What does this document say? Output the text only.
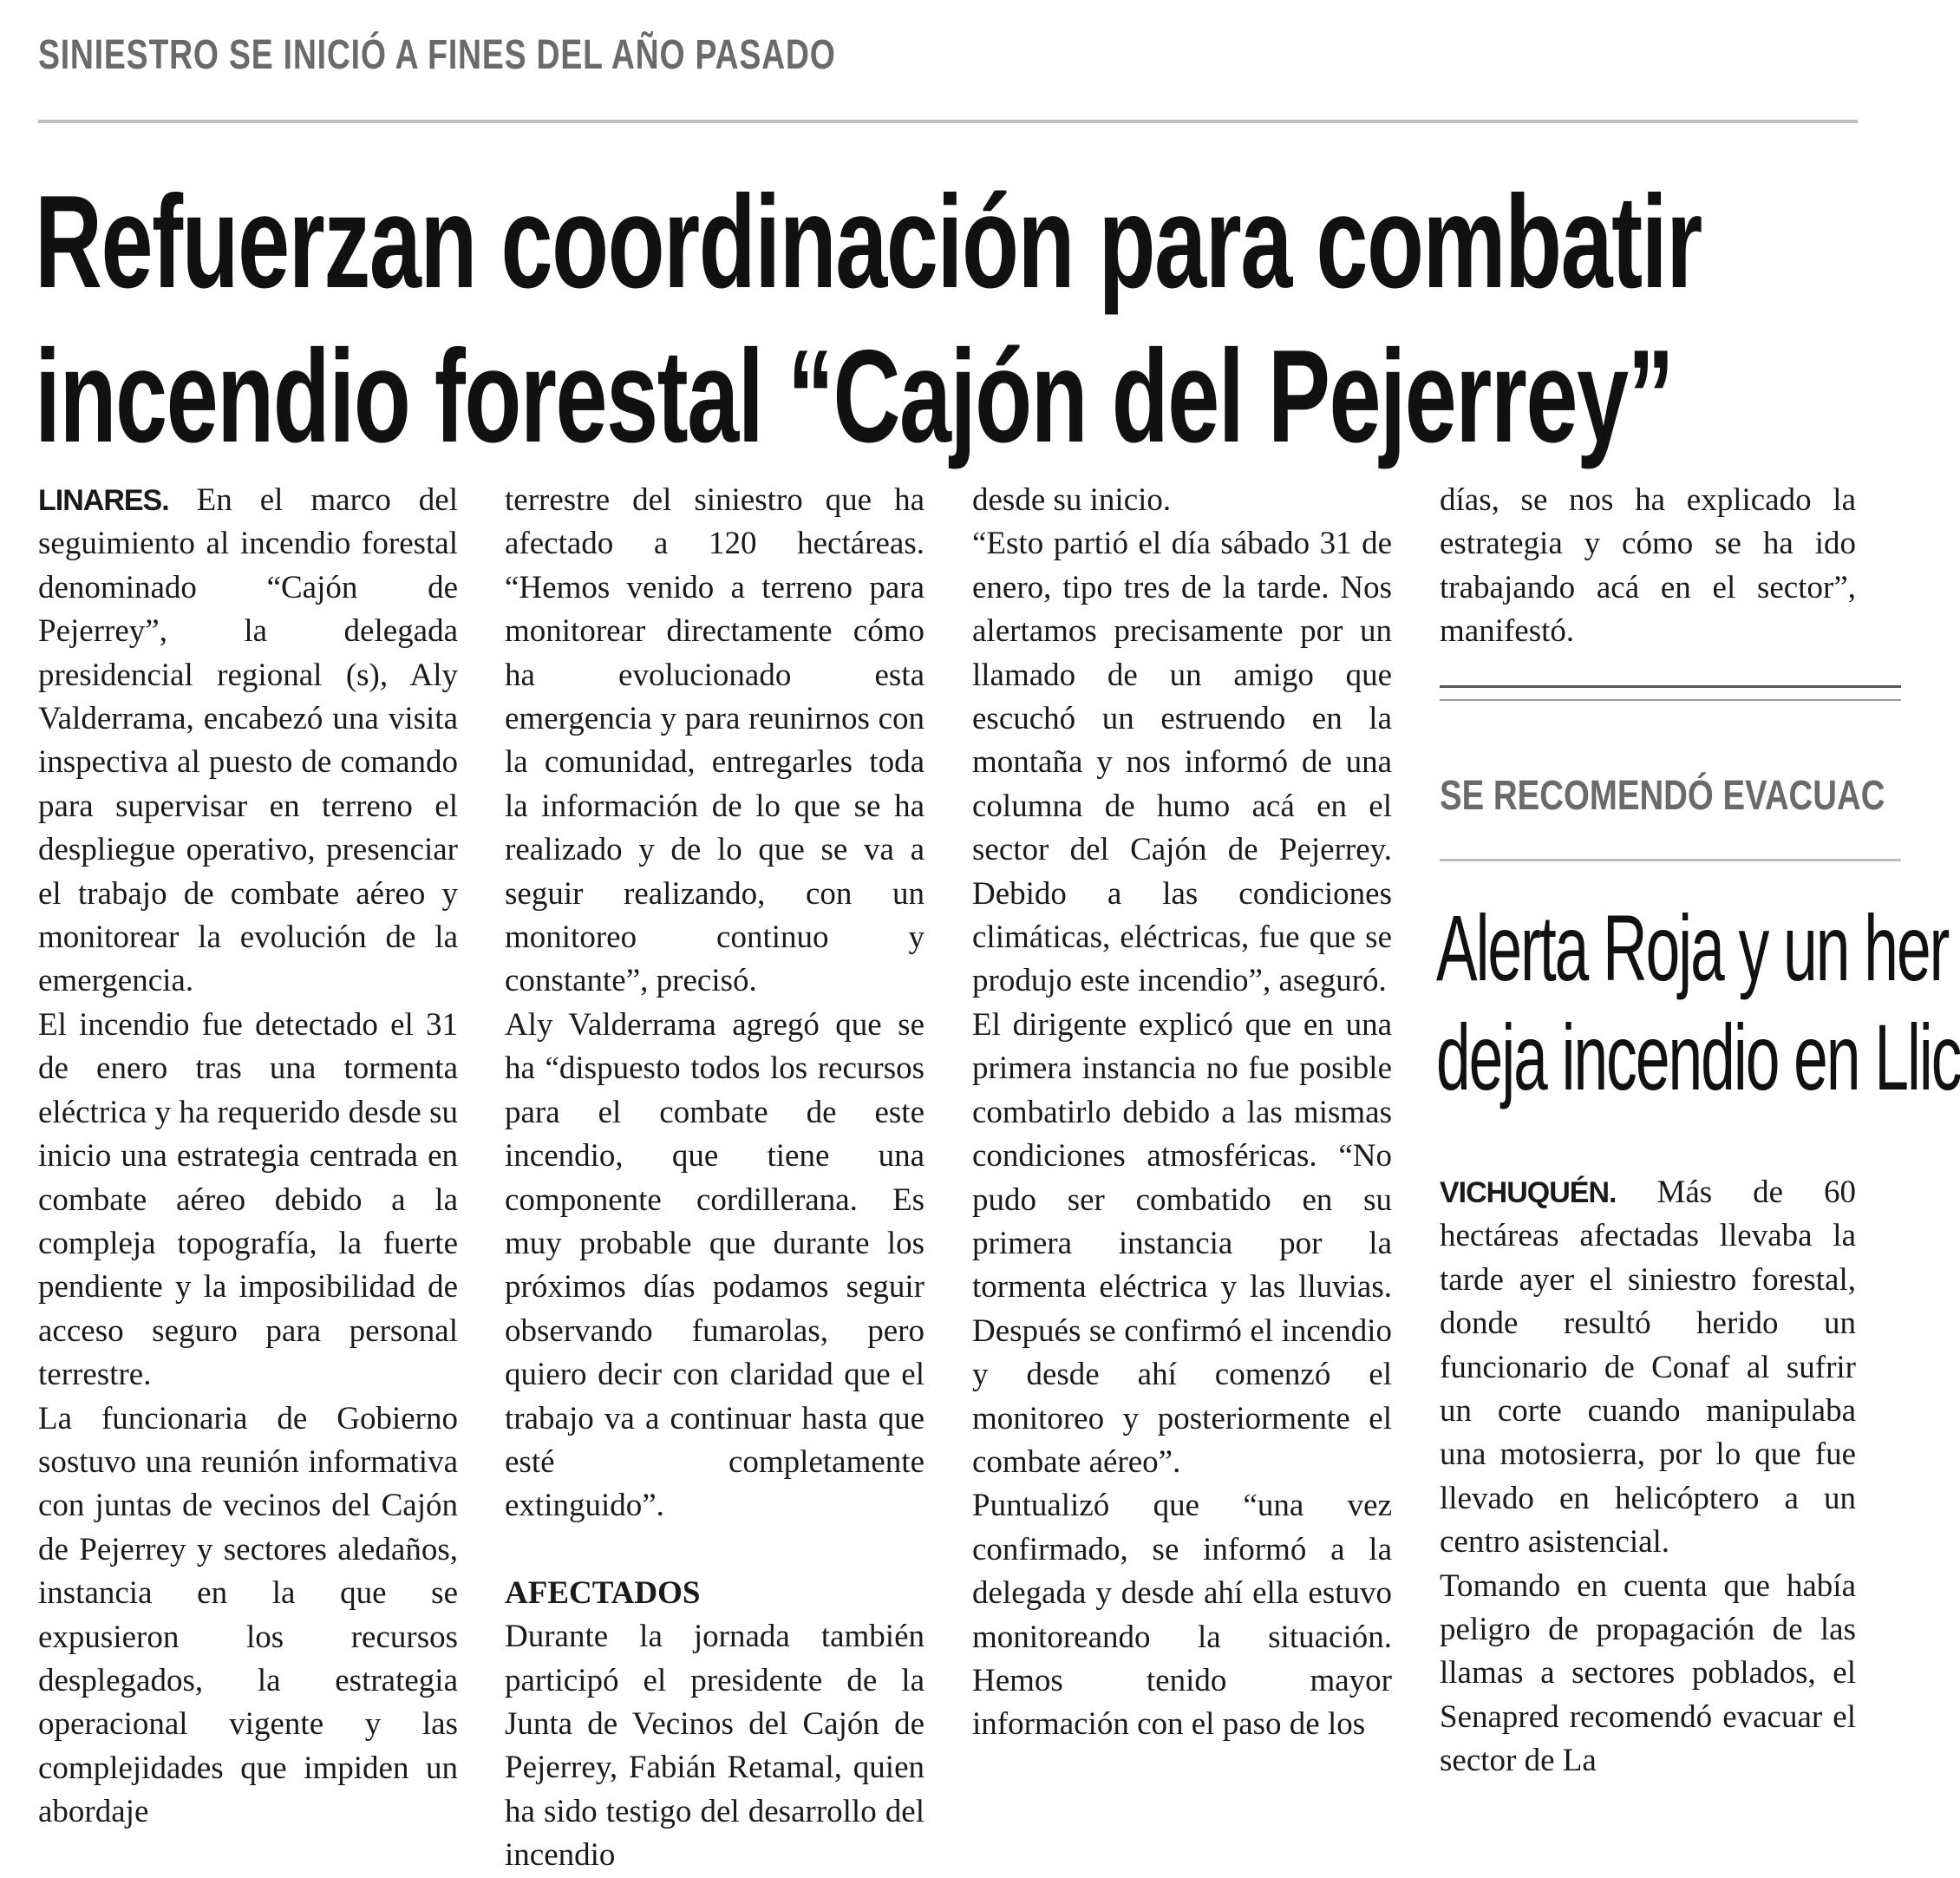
SINIESTRO SE INICIÓ A FINES DEL AÑO PASADO
Refuerzan coordinación para combatir
incendio forestal “Cajón del Pejerrey”

LINARES. En el marco del seguimiento al incendio forestal denominado “Cajón de Pejerrey”, la delegada presidencial regional (s), Aly Valderrama, encabezó una visita inspectiva al puesto de comando para supervisar en terreno el despliegue operativo, presenciar el trabajo de combate aéreo y monitorear la evolución de la emergencia.

El incendio fue detectado el 31 de enero tras una tormenta eléctrica y ha requerido desde su inicio una estrategia centrada en combate aéreo debido a la compleja topografía, la fuerte pendiente y la imposibilidad de acceso seguro para personal terrestre.

La funcionaria de Gobierno sostuvo una reunión informativa con juntas de vecinos del Cajón de Pejerrey y sectores aledaños, instancia en la que se expusieron los recursos desplegados, la estrategia operacional vigente y las complejidades que impiden un abordaje

terrestre del siniestro que ha afectado a 120 hectáreas. “Hemos venido a terreno para monitorear directamente cómo ha evolucionado esta emergencia y para reunirnos con la comunidad, entregarles toda la información de lo que se ha realizado y de lo que se va a seguir realizando, con un monitoreo continuo y constante”, precisó.

Aly Valderrama agregó que se ha “dispuesto todos los recursos para el combate de este incendio, que tiene una componente cordillerana. Es muy probable que durante los próximos días podamos seguir observando fumarolas, pero quiero decir con claridad que el trabajo va a continuar hasta que esté completamente extinguido”.

AFECTADOS

Durante la jornada también participó el presidente de la Junta de Vecinos del Cajón de Pejerrey, Fabián Retamal, quien ha sido testigo del desarrollo del incendio

desde su inicio.

“Esto partió el día sábado 31 de enero, tipo tres de la tarde. Nos alertamos precisamente por un llamado de un amigo que escuchó un estruendo en la montaña y nos informó de una columna de humo acá en el sector del Cajón de Pejerrey. Debido a las condiciones climáticas, eléctricas, fue que se produjo este incendio”, aseguró.

El dirigente explicó que en una primera instancia no fue posible combatirlo debido a las mismas condiciones atmosféricas. “No pudo ser combatido en su primera instancia por la tormenta eléctrica y las lluvias. Después se confirmó el incendio y desde ahí comenzó el monitoreo y posteriormente el combate aéreo”.

Puntualizó que “una vez confirmado, se informó a la delegada y desde ahí ella estuvo monitoreando la situación. Hemos tenido mayor información con el paso de los

días, se nos ha explicado la estrategia y cómo se ha ido trabajando acá en el sector”, manifestó.

SE RECOMENDÓ EVACUAC
Alerta Roja y un her
deja incendio en Llic

VICHUQUÉN. Más de 60 hectáreas afectadas llevaba la tarde ayer el siniestro forestal, donde resultó herido un funcionario de Conaf al sufrir un corte cuando manipulaba una motosierra, por lo que fue llevado en helicóptero a un centro asistencial.

Tomando en cuenta que había peligro de propagación de las llamas a sectores poblados, el Senapred recomendó evacuar el sector de La
